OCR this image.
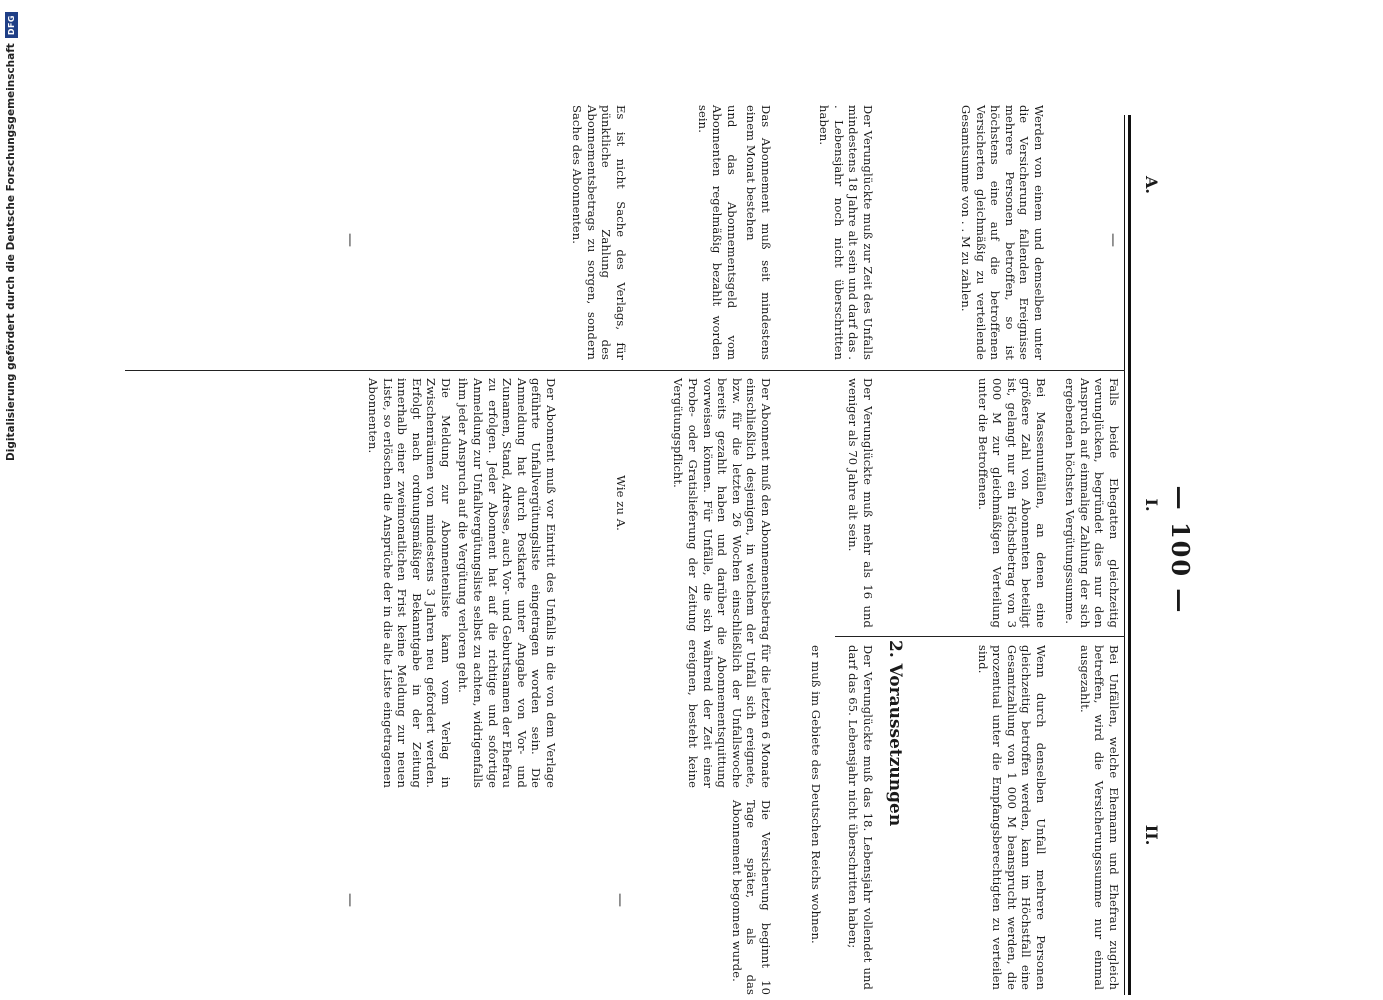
— 100 —
A.
I.
II.
—
Falls beide Ehegatten gleichzeitig verunglücken, begründet dies nur den Anspruch auf einmalige Zahlung der sich ergebenden höchsten Vergütungssumme.
Bei Unfällen, welche Ehemann und Ehefrau zugleich betreffen, wird die Versicherungssumme nur einmal ausgezahlt.
Werden von einem und demselben unter die Versicherung fallenden Ereignisse mehrere Personen betroffen, so ist höchstens eine auf die betroffenen Versicherten gleichmäßig zu verteilende Gesamtsumme von . . M zu zahlen.
Bei Massenunfällen, an denen eine größere Zahl von Abonnenten beteiligt ist, gelangt nur ein Höchstbetrag von 3 000 M zur gleichmäßigen Verteilung unter die Betroffenen.
Wenn durch denselben Unfall mehrere Personen gleichzeitig betroffen werden, kann im Höchstfall eine Gesamtzahlung von 1 000 M beansprucht werden, die prozentual unter die Empfangsberechtigten zu verteilen sind.
2. Voraussetzungen
Der Verunglückte muß zur Zeit des Unfalls mindestens 18 Jahre alt sein und darf das . . Lebensjahr noch nicht überschritten haben.
Der Verunglückte muß mehr als 16 und weniger als 70 Jahre alt sein.
Der Verunglückte muß das 18. Lebensjahr vollendet und darf das 65. Lebensjahr nicht überschritten haben;
er muß im Gebiete des Deutschen Reichs wohnen.
Das Abonnement muß seit mindestens einem Monat bestehen
und das Abonnementsgeld vom Abonnenten regelmäßig bezahlt worden sein.
Der Abonnent muß den Abonnementsbetrag für die letzten 6 Monate einschließlich desjenigen, in welchem der Unfall sich ereignete, bzw. für die letzten 26 Wochen einschließlich der Unfallswoche bereits gezahlt haben und darüber die Abonnementsquittung vorweisen können. Für Unfälle, die sich während der Zeit einer Probe- oder Gratislieferung der Zeitung ereignen, besteht keine Vergütungspflicht.
Die Versicherung beginnt 10 Tage später, als das Abonnement begonnen wurde.
Es ist nicht Sache des Verlags, für pünktliche Zahlung des Abonnementsbetrags zu sorgen, sondern Sache des Abonnenten.
Wie zu A.
—
—
Der Abonnent muß vor Eintritt des Unfalls in die von dem Verlage geführte Unfallvergütungsliste eingetragen worden sein. Die Anmeldung hat durch Postkarte unter Angabe von Vor- und Zunamen, Stand, Adresse, auch Vor- und Geburtsnamen der Ehefrau zu erfolgen. Jeder Abonnent hat auf die richtige und sofortige Anmeldung zur Unfallvergütungsliste selbst zu achten, widrigenfalls ihm jeder Anspruch auf die Vergütung verloren geht.
Die Meldung zur Abonnentenliste kann vom Verlag in Zwischenräumen von mindestens 3 Jahren neu gefordert werden. Erfolgt nach ordnungsmäßiger Bekanntgabe in der Zeitung innerhalb einer zweimonatlichen Frist keine Meldung zur neuen Liste, so erlöschen die Ansprüche der in die alte Liste eingetragenen Abonnenten.
—
Digitalisierung gefördert durch die Deutsche Forschungsgemeinschaft
DFG
